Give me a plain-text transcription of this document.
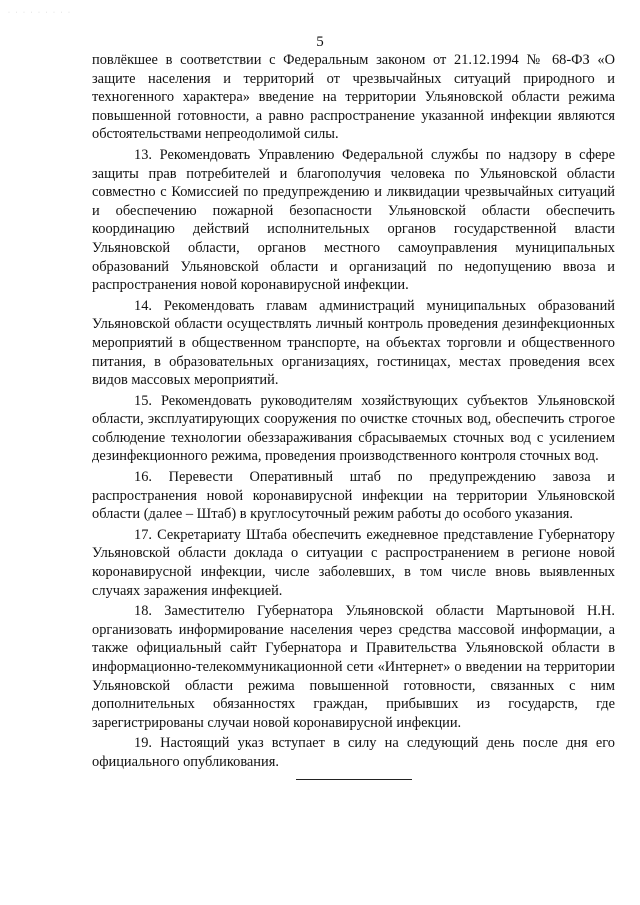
· · · · · · · · ·
5

повлёкшее в соответствии с Федеральным законом от 21.12.1994 № 68-ФЗ «О защите населения и территорий от чрезвычайных ситуаций природного и техногенного характера» введение на территории Ульяновской области режима повышенной готовности, а равно распространение указанной инфекции являются обстоятельствами непреодолимой силы.

13. Рекомендовать Управлению Федеральной службы по надзору в сфере защиты прав потребителей и благополучия человека по Ульяновской области совместно с Комиссией по предупреждению и ликвидации чрезвычайных ситуаций и обеспечению пожарной безопасности Ульяновской области обеспечить координацию действий исполнительных органов государственной власти Ульяновской области, органов местного самоуправления муниципальных образований Ульяновской области и организаций по недопущению ввоза и распространения новой коронавирусной инфекции.

14. Рекомендовать главам администраций муниципальных образований Ульяновской области осуществлять личный контроль проведения дезинфекционных мероприятий в общественном транспорте, на объектах торговли и общественного питания, в образовательных организациях, гостиницах, местах проведения всех видов массовых мероприятий.

15. Рекомендовать руководителям хозяйствующих субъектов Ульяновской области, эксплуатирующих сооружения по очистке сточных вод, обеспечить строгое соблюдение технологии обеззараживания сбрасываемых сточных вод с усилением дезинфекционного режима, проведения производственного контроля сточных вод.

16. Перевести Оперативный штаб по предупреждению завоза и распространения новой коронавирусной инфекции на территории Ульяновской области (далее – Штаб) в круглосуточный режим работы до особого указания.

17. Секретариату Штаба обеспечить ежедневное представление Губернатору Ульяновской области доклада о ситуации с распространением в регионе новой коронавирусной инфекции, числе заболевших, в том числе вновь выявленных случаях заражения инфекцией.

18. Заместителю Губернатора Ульяновской области Мартыновой Н.Н. организовать информирование населения через средства массовой информации, а также официальный сайт Губернатора и Правительства Ульяновской области в информационно-телекоммуникационной сети «Интернет» о введении на территории Ульяновской области режима повышенной готовности, связанных с ним дополнительных обязанностях граждан, прибывших из государств, где зарегистрированы случаи новой коронавирусной инфекции.

19. Настоящий указ вступает в силу на следующий день после дня его официального опубликования.
